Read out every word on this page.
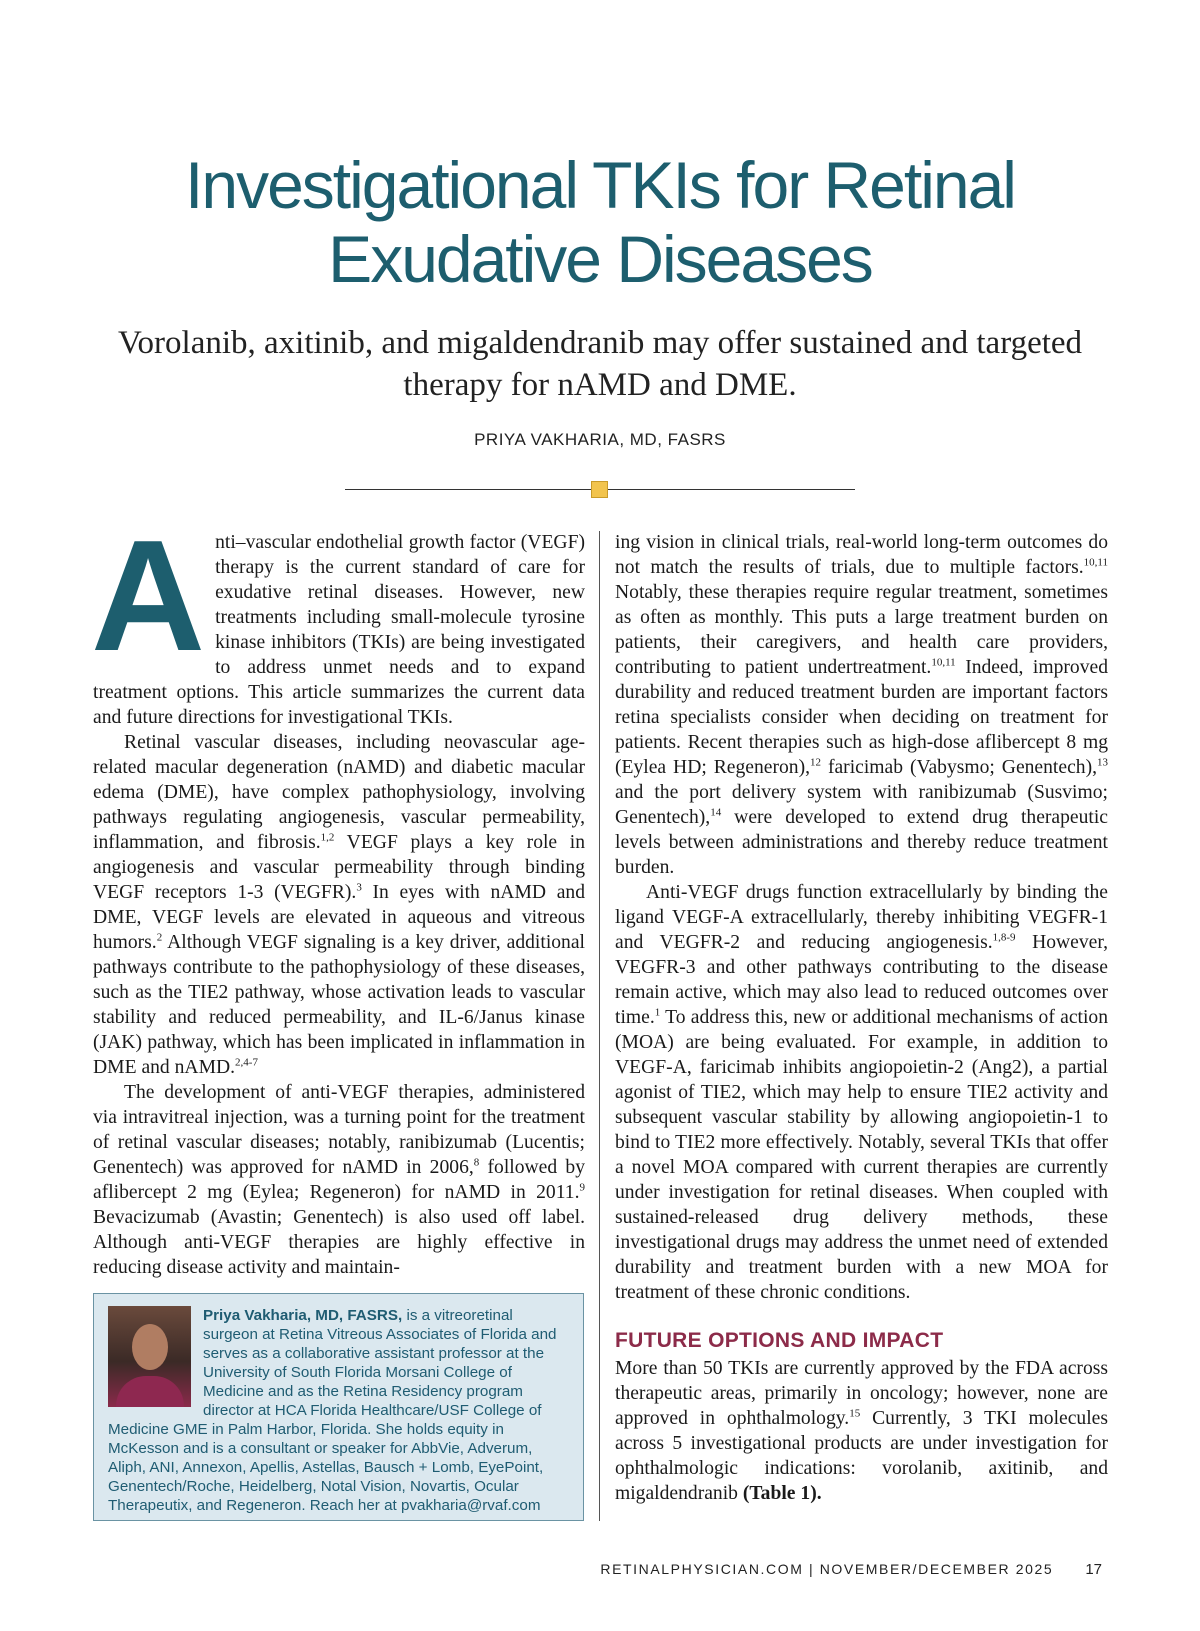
Investigational TKIs for Retinal Exudative Diseases
Vorolanib, axitinib, and migaldendranib may offer sustained and targeted therapy for nAMD and DME.
PRIYA VAKHARIA, MD, FASRS

Anti–vascular endothelial growth factor (VEGF) therapy is the current standard of care for exudative retinal diseases. However, new treatments including small-molecule tyrosine kinase inhibitors (TKIs) are being investigated to address unmet needs and to expand treatment options. This article summarizes the current data and future directions for investigational TKIs.

Retinal vascular diseases, including neovascular age-related macular degeneration (nAMD) and diabetic macular edema (DME), have complex pathophysiology, involving pathways regulating angiogenesis, vascular permeability, inflammation, and fibrosis.$^{1,2}$ VEGF plays a key role in angiogenesis and vascular permeability through binding VEGF receptors 1-3 (VEGFR).$^3$ In eyes with nAMD and DME, VEGF levels are elevated in aqueous and vitreous humors.$^2$ Although VEGF signaling is a key driver, additional pathways contribute to the pathophysiology of these diseases, such as the TIE2 pathway, whose activation leads to vascular stability and reduced permeability, and IL-6/Janus kinase (JAK) pathway, which has been implicated in inflammation in DME and nAMD.$^{2,4-7}$

The development of anti-VEGF therapies, administered via intravitreal injection, was a turning point for the treatment of retinal vascular diseases; notably, ranibizumab (Lucentis; Genentech) was approved for nAMD in 2006,$^8$ followed by aflibercept 2 mg (Eylea; Regeneron) for nAMD in 2011.$^9$ Bevacizumab (Avastin; Genentech) is also used off label. Although anti-VEGF therapies are highly effective in reducing disease activity and maintain-

ing vision in clinical trials, real-world long-term outcomes do not match the results of trials, due to multiple factors.$^{10,11}$ Notably, these therapies require regular treatment, sometimes as often as monthly. This puts a large treatment burden on patients, their caregivers, and health care providers, contributing to patient undertreatment.$^{10,11}$ Indeed, improved durability and reduced treatment burden are important factors retina specialists consider when deciding on treatment for patients. Recent therapies such as high-dose aflibercept 8 mg (Eylea HD; Regeneron),$^{12}$ faricimab (Vabysmo; Genentech),$^{13}$ and the port delivery system with ranibizumab (Susvimo; Genentech),$^{14}$ were developed to extend drug therapeutic levels between administrations and thereby reduce treatment burden.

Anti-VEGF drugs function extracellularly by binding the ligand VEGF-A extracellularly, thereby inhibiting VEGFR-1 and VEGFR-2 and reducing angiogenesis.$^{1,8-9}$ However, VEGFR-3 and other pathways contributing to the disease remain active, which may also lead to reduced outcomes over time.$^1$ To address this, new or additional mechanisms of action (MOA) are being evaluated. For example, in addition to VEGF-A, faricimab inhibits angiopoietin-2 (Ang2), a partial agonist of TIE2, which may help to ensure TIE2 activity and subsequent vascular stability by allowing angiopoietin-1 to bind to TIE2 more effectively. Notably, several TKIs that offer a novel MOA compared with current therapies are currently under investigation for retinal diseases. When coupled with sustained-released drug delivery methods, these investigational drugs may address the unmet need of extended durability and treatment burden with a new MOA for treatment of these chronic conditions.

FUTURE OPTIONS AND IMPACT

More than 50 TKIs are currently approved by the FDA across therapeutic areas, primarily in oncology; however, none are approved in ophthalmology.$^{15}$ Currently, 3 TKI molecules across 5 investigational products are under investigation for ophthalmologic indications: vorolanib, axitinib, and migaldendranib (Table 1).

Priya Vakharia, MD, FASRS, is a vitreoretinal surgeon at Retina Vitreous Associates of Florida and serves as a collaborative assistant professor at the University of South Florida Morsani College of Medicine and as the Retina Residency program director at HCA Florida Healthcare/USF College of Medicine GME in Palm Harbor, Florida. She holds equity in McKesson and is a consultant or speaker for AbbVie, Adverum, Aliph, ANI, Annexon, Apellis, Astellas, Bausch + Lomb, EyePoint, Genentech/Roche, Heidelberg, Notal Vision, Novartis, Ocular Therapeutix, and Regeneron. Reach her at pvakharia@rvaf.com
RETINALPHYSICIAN.COM | NOVEMBER/DECEMBER 2025 17
